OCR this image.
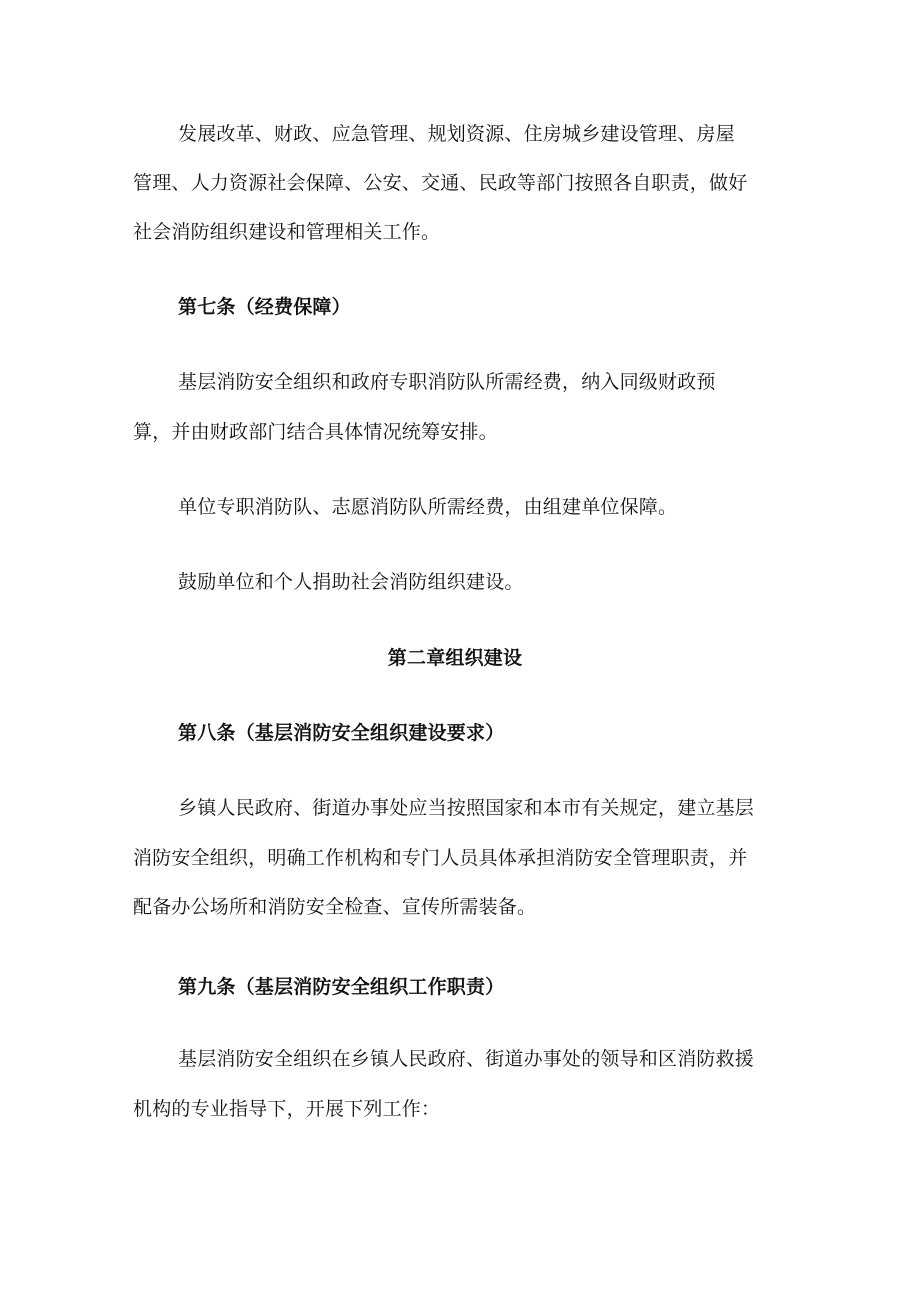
发展改革、财政、应急管理、规划资源、住房城乡建设管理、房屋
管理、人力资源社会保障、公安、交通、民政等部门按照各自职责，做好
社会消防组织建设和管理相关工作。
第七条（经费保障）
基层消防安全组织和政府专职消防队所需经费，纳入同级财政预
算，并由财政部门结合具体情况统筹安排。
单位专职消防队、志愿消防队所需经费，由组建单位保障。
鼓励单位和个人捐助社会消防组织建设。
第二章组织建设
第八条（基层消防安全组织建设要求）
乡镇人民政府、街道办事处应当按照国家和本市有关规定，建立基层
消防安全组织，明确工作机构和专门人员具体承担消防安全管理职责，并
配备办公场所和消防安全检查、宣传所需装备。
第九条（基层消防安全组织工作职责）
基层消防安全组织在乡镇人民政府、街道办事处的领导和区消防救援
机构的专业指导下，开展下列工作：
